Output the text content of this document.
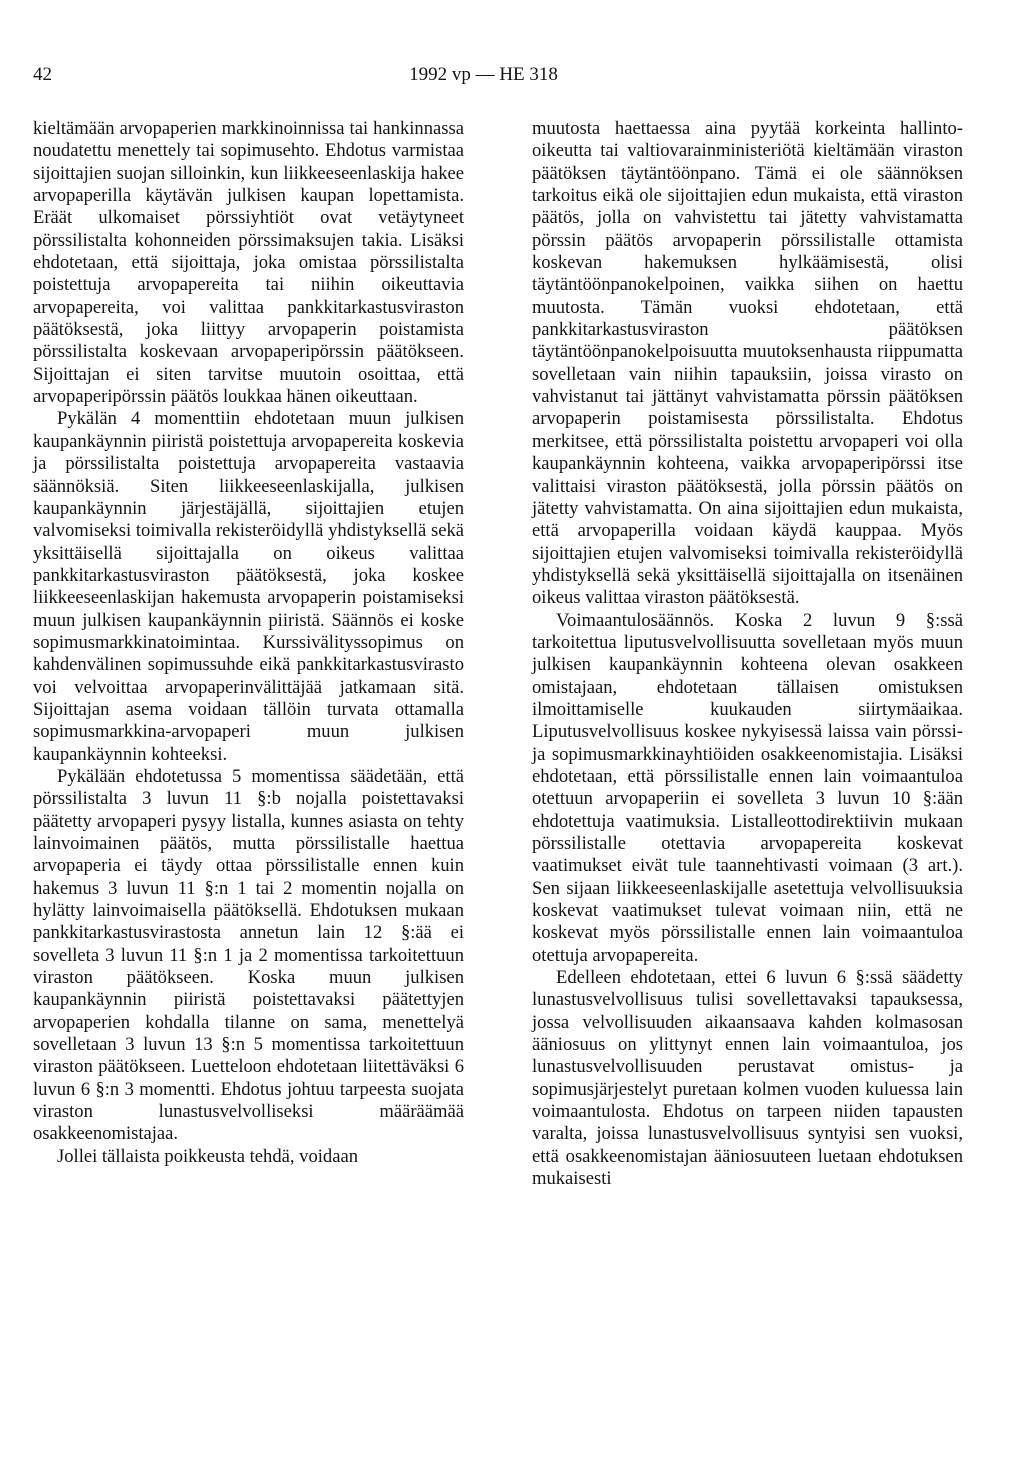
42	1992 vp — HE 318

kieltämään arvopaperien markkinoinnissa tai hankinnassa noudatettu menettely tai sopimusehto. Ehdotus varmistaa sijoittajien suojan silloinkin, kun liikkeeseenlaskija hakee arvopaperilla käytävän julkisen kaupan lopettamista. Eräät ulkomaiset pörssiyhtiöt ovat vetäytyneet pörssilistalta kohonneiden pörssimaksujen takia. Lisäksi ehdotetaan, että sijoittaja, joka omistaa pörssilistalta poistettuja arvopapereita tai niihin oikeuttavia arvopapereita, voi valittaa pankkitarkastusviraston päätöksestä, joka liittyy arvopaperin poistamista pörssilistalta koskevaan arvopaperipörssin päätökseen. Sijoittajan ei siten tarvitse muutoin osoittaa, että arvopaperipörssin päätös loukkaa hänen oikeuttaan.

Pykälän 4 momenttiin ehdotetaan muun julkisen kaupankäynnin piiristä poistettuja arvopapereita koskevia ja pörssilistalta poistettuja arvopapereita vastaavia säännöksiä. Siten liikkeeseenlaskijalla, julkisen kaupankäynnin järjestäjällä, sijoittajien etujen valvomiseksi toimivalla rekisteröidyllä yhdistyksellä sekä yksittäisellä sijoittajalla on oikeus valittaa pankkitarkastusviraston päätöksestä, joka koskee liikkeeseenlaskijan hakemusta arvopaperin poistamiseksi muun julkisen kaupankäynnin piiristä. Säännös ei koske sopimusmarkkinatoimintaa. Kurssivälityssopimus on kahdenvälinen sopimussuhde eikä pankkitarkastusvirasto voi velvoittaa arvopaperinvälittäjää jatkamaan sitä. Sijoittajan asema voidaan tällöin turvata ottamalla sopimusmarkkina-arvopaperi muun julkisen kaupankäynnin kohteeksi.

Pykälään ehdotetussa 5 momentissa säädetään, että pörssilistalta 3 luvun 11 §:b nojalla poistettavaksi päätetty arvopaperi pysyy listalla, kunnes asiasta on tehty lainvoimainen päätös, mutta pörssilistalle haettua arvopaperia ei täydy ottaa pörssilistalle ennen kuin hakemus 3 luvun 11 §:n 1 tai 2 momentin nojalla on hylätty lainvoimaisella päätöksellä. Ehdotuksen mukaan pankkitarkastusvirastosta annetun lain 12 §:ää ei sovelleta 3 luvun 11 §:n 1 ja 2 momentissa tarkoitettuun viraston päätökseen. Koska muun julkisen kaupankäynnin piiristä poistettavaksi päätettyjen arvopaperien kohdalla tilanne on sama, menettelyä sovelletaan 3 luvun 13 §:n 5 momentissa tarkoitettuun viraston päätökseen. Luetteloon ehdotetaan liitettäväksi 6 luvun 6 §:n 3 momentti. Ehdotus johtuu tarpeesta suojata viraston lunastusvelvolliseksi määräämää osakkeenomistajaa.

Jollei tällaista poikkeusta tehdä, voidaan

muutosta haettaessa aina pyytää korkeinta hallinto-oikeutta tai valtiovarainministeriötä kieltämään viraston päätöksen täytäntöönpano. Tämä ei ole säännöksen tarkoitus eikä ole sijoittajien edun mukaista, että viraston päätös, jolla on vahvistettu tai jätetty vahvistamatta pörssin päätös arvopaperin pörssilistalle ottamista koskevan hakemuksen hylkäämisestä, olisi täytäntöönpanokelpoinen, vaikka siihen on haettu muutosta. Tämän vuoksi ehdotetaan, että pankkitarkastusviraston päätöksen täytäntöönpanokelpoisuutta muutoksenhausta riippumatta sovelletaan vain niihin tapauksiin, joissa virasto on vahvistanut tai jättänyt vahvistamatta pörssin päätöksen arvopaperin poistamisesta pörssilistalta. Ehdotus merkitsee, että pörssilistalta poistettu arvopaperi voi olla kaupankäynnin kohteena, vaikka arvopaperipörssi itse valittaisi viraston päätöksestä, jolla pörssin päätös on jätetty vahvistamatta. On aina sijoittajien edun mukaista, että arvopaperilla voidaan käydä kauppaa. Myös sijoittajien etujen valvomiseksi toimivalla rekisteröidyllä yhdistyksellä sekä yksittäisellä sijoittajalla on itsenäinen oikeus valittaa viraston päätöksestä.

Voimaantulosäännös. Koska 2 luvun 9 §:ssä tarkoitettua liputusvelvollisuutta sovelletaan myös muun julkisen kaupankäynnin kohteena olevan osakkeen omistajaan, ehdotetaan tällaisen omistuksen ilmoittamiselle kuukauden siirtymäaikaa. Liputusvelvollisuus koskee nykyisessä laissa vain pörssi- ja sopimusmarkkinayhtiöiden osakkeenomistajia. Lisäksi ehdotetaan, että pörssilistalle ennen lain voimaantuloa otettuun arvopaperiin ei sovelleta 3 luvun 10 §:ään ehdotettuja vaatimuksia. Listalleottodirektiivin mukaan pörssilistalle otettavia arvopapereita koskevat vaatimukset eivät tule taannehtivasti voimaan (3 art.). Sen sijaan liikkeeseenlaskijalle asetettuja velvollisuuksia koskevat vaatimukset tulevat voimaan niin, että ne koskevat myös pörssilistalle ennen lain voimaantuloa otettuja arvopapereita.

Edelleen ehdotetaan, ettei 6 luvun 6 §:ssä säädetty lunastusvelvollisuus tulisi sovellettavaksi tapauksessa, jossa velvollisuuden aikaansaava kahden kolmasosan ääniosuus on ylittynyt ennen lain voimaantuloa, jos lunastusvelvollisuuden perustavat omistus- ja sopimusjärjestelyt puretaan kolmen vuoden kuluessa lain voimaantulosta. Ehdotus on tarpeen niiden tapausten varalta, joissa lunastusvelvollisuus syntyisi sen vuoksi, että osakkeenomistajan ääniosuuteen luetaan ehdotuksen mukaisesti
